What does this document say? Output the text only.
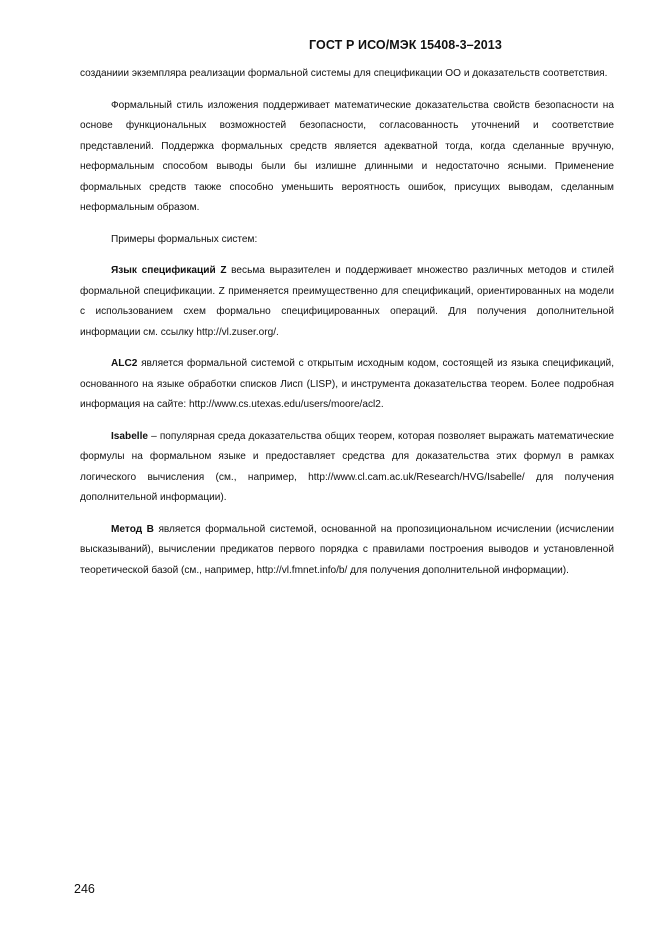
ГОСТ Р ИСО/МЭК 15408-3–2013

созданиии экземпляра реализации формальной системы для спецификации ОО и доказательств соответствия.

Формальный стиль изложения поддерживает математические доказательства свойств безопасности на основе функциональных возможностей безопасности, согласованность уточнений и соответствие представлений. Поддержка формальных средств является адекватной тогда, когда сделанные вручную, неформальным способом выводы были бы излишне длинными и недостаточно ясными. Применение формальных средств также способно уменьшить вероятность ошибок, присущих выводам, сделанным неформальным образом.

Примеры формальных систем:

Язык спецификаций Z весьма выразителен и поддерживает множество различных методов и стилей формальной спецификации. Z применяется преимущественно для спецификаций, ориентированных на модели с использованием схем формально специфицированных операций. Для получения дополнительной информации см. ссылку http://vl.zuser.org/.

ALC2 является формальной системой с открытым исходным кодом, состоящей из языка спецификаций, основанного на языке обработки списков Лисп (LISP), и инструмента доказательства теорем. Более подробная информация на сайте: http://www.cs.utexas.edu/users/moore/acl2.

Isabelle – популярная среда доказательства общих теорем, которая позволяет выражать математические формулы на формальном языке и предоставляет средства для доказательства этих формул в рамках логического вычисления (см., например, http://www.cl.cam.ac.uk/Research/HVG/Isabelle/ для получения дополнительной информации).

Метод В является формальной системой, основанной на пропозициональном исчислении (исчислении высказываний), вычислении предикатов первого порядка с правилами построения выводов и установленной теоретической базой (см., например, http://vl.fmnet.info/b/ для получения дополнительной информации).

246
